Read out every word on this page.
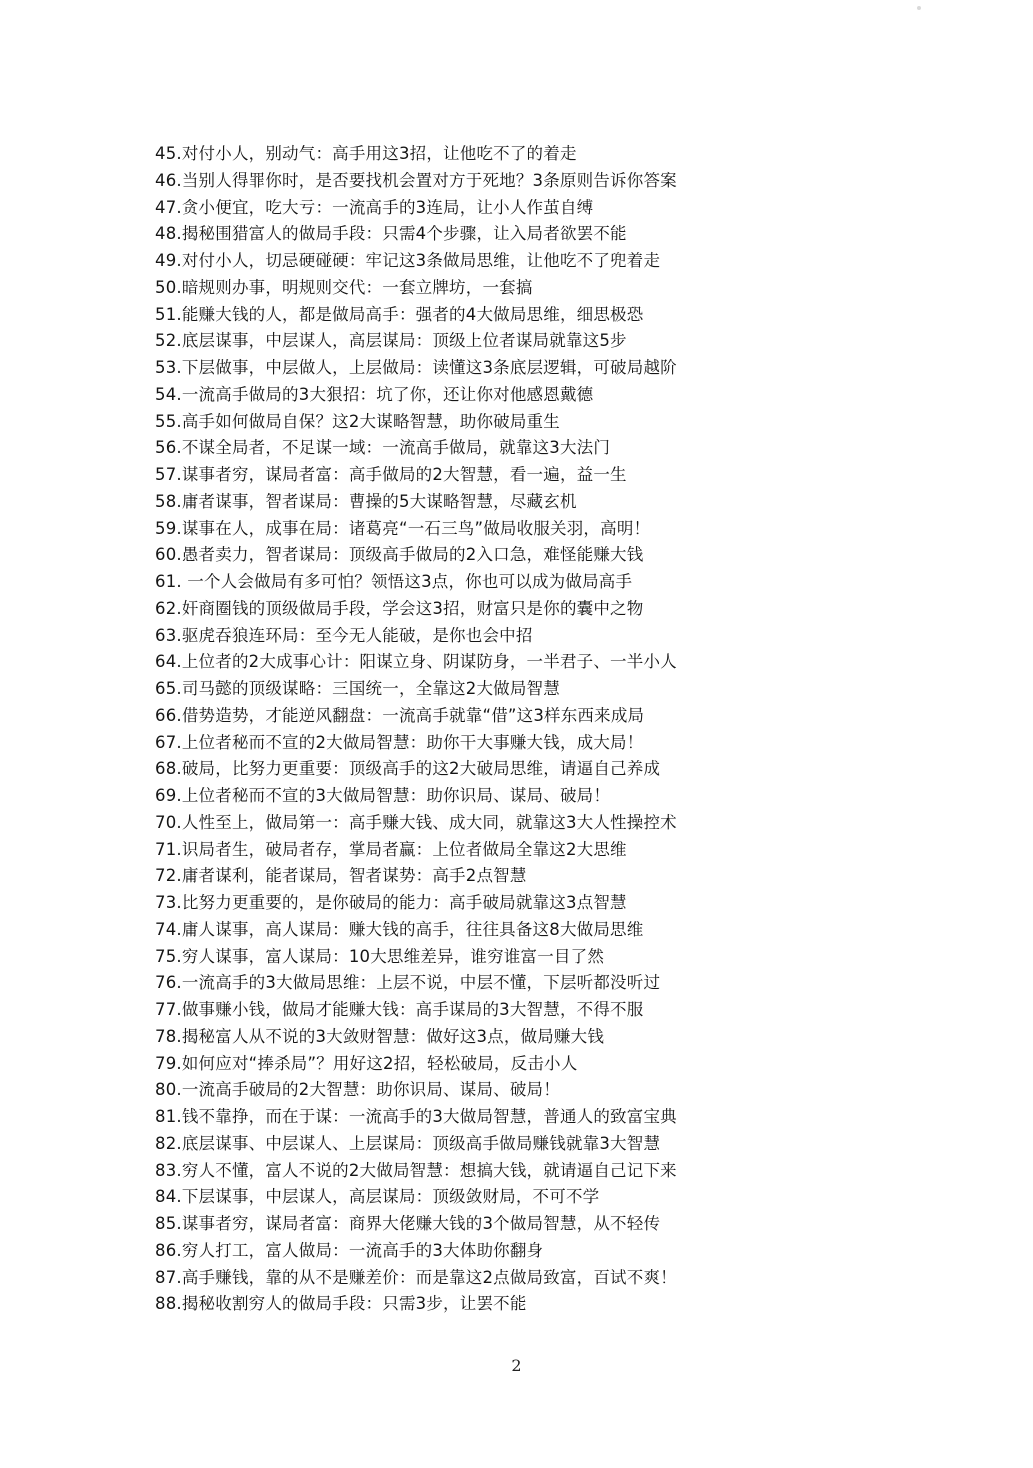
45.对付小人，别动气：高手用这3招，让他吃不了的着走
46.当别人得罪你时，是否要找机会置对方于死地？3条原则告诉你答案
47.贪小便宜，吃大亏：一流高手的3连局，让小人作茧自缚
48.揭秘围猎富人的做局手段：只需4个步骤，让入局者欲罢不能
49.对付小人，切忌硬碰硬：牢记这3条做局思维，让他吃不了兜着走
50.暗规则办事，明规则交代：一套立牌坊，一套搞
51.能赚大钱的人，都是做局高手：强者的4大做局思维，细思极恐
52.底层谋事，中层谋人，高层谋局：顶级上位者谋局就靠这5步
53.下层做事，中层做人，上层做局：读懂这3条底层逻辑，可破局越阶
54.一流高手做局的3大狠招：坑了你，还让你对他感恩戴德
55.高手如何做局自保？这2大谋略智慧，助你破局重生
56.不谋全局者，不足谋一域：一流高手做局，就靠这3大法门
57.谋事者穷，谋局者富：高手做局的2大智慧，看一遍，益一生
58.庸者谋事，智者谋局：曹操的5大谋略智慧，尽藏玄机
59.谋事在人，成事在局：诸葛亮“一石三鸟”做局收服关羽，高明！
60.愚者卖力，智者谋局：顶级高手做局的2入口急，难怪能赚大钱
61. 一个人会做局有多可怕？领悟这3点，你也可以成为做局高手
62.奸商圈钱的顶级做局手段，学会这3招，财富只是你的囊中之物
63.驱虎吞狼连环局：至今无人能破，是你也会中招
64.上位者的2大成事心计：阳谋立身、阴谋防身，一半君子、一半小人
65.司马懿的顶级谋略：三国统一，全靠这2大做局智慧
66.借势造势，才能逆风翻盘：一流高手就靠“借”这3样东西来成局
67.上位者秘而不宣的2大做局智慧：助你干大事赚大钱，成大局！
68.破局，比努力更重要：顶级高手的这2大破局思维，请逼自己养成
69.上位者秘而不宣的3大做局智慧：助你识局、谋局、破局！
70.人性至上，做局第一：高手赚大钱、成大同，就靠这3大人性操控术
71.识局者生，破局者存，掌局者赢：上位者做局全靠这2大思维
72.庸者谋利，能者谋局，智者谋势：高手2点智慧
73.比努力更重要的，是你破局的能力：高手破局就靠这3点智慧
74.庸人谋事，高人谋局：赚大钱的高手，往往具备这8大做局思维
75.穷人谋事，富人谋局：10大思维差异，谁穷谁富一目了然
76.一流高手的3大做局思维：上层不说，中层不懂，下层听都没听过
77.做事赚小钱，做局才能赚大钱：高手谋局的3大智慧，不得不服
78.揭秘富人从不说的3大敛财智慧：做好这3点，做局赚大钱
79.如何应对“捧杀局”？用好这2招，轻松破局，反击小人
80.一流高手破局的2大智慧：助你识局、谋局、破局！
81.钱不靠挣，而在于谋：一流高手的3大做局智慧，普通人的致富宝典
82.底层谋事、中层谋人、上层谋局：顶级高手做局赚钱就靠3大智慧
83.穷人不懂，富人不说的2大做局智慧：想搞大钱，就请逼自己记下来
84.下层谋事，中层谋人，高层谋局：顶级敛财局，不可不学
85.谋事者穷，谋局者富：商界大佬赚大钱的3个做局智慧，从不轻传
86.穷人打工，富人做局：一流高手的3大体助你翻身
87.高手赚钱，靠的从不是赚差价：而是靠这2点做局致富，百试不爽！
88.揭秘收割穷人的做局手段：只需3步，让罢不能
2
